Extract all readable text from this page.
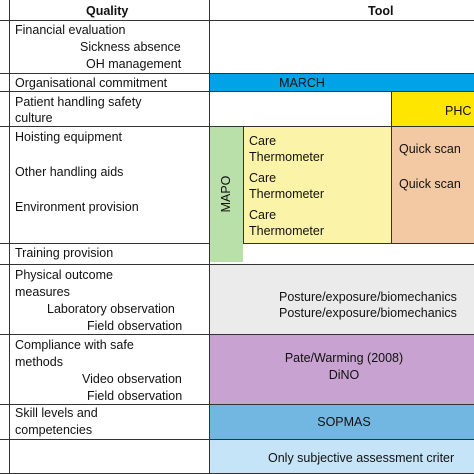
Quality	Tool
Financial evaluation
Sickness absence
OH management
Organisational commitment
Patient handling safety
culture
Hoisting equipment
Other handling aids
Environment provision
Training provision
Physical outcome
measures
Laboratory observation
Field observation
Compliance with safe
methods
Video observation
Field observation
Skill levels and
competencies
MARCH
PHC
MAPO
Care
Thermometer
Care
Thermometer
Care
Thermometer
Quick scan
Quick scan
Posture/exposure/biomechanics
Posture/exposure/biomechanics
Pate/Warming (2008)
DiNO
SOPMAS
Only subjective assessment criter
